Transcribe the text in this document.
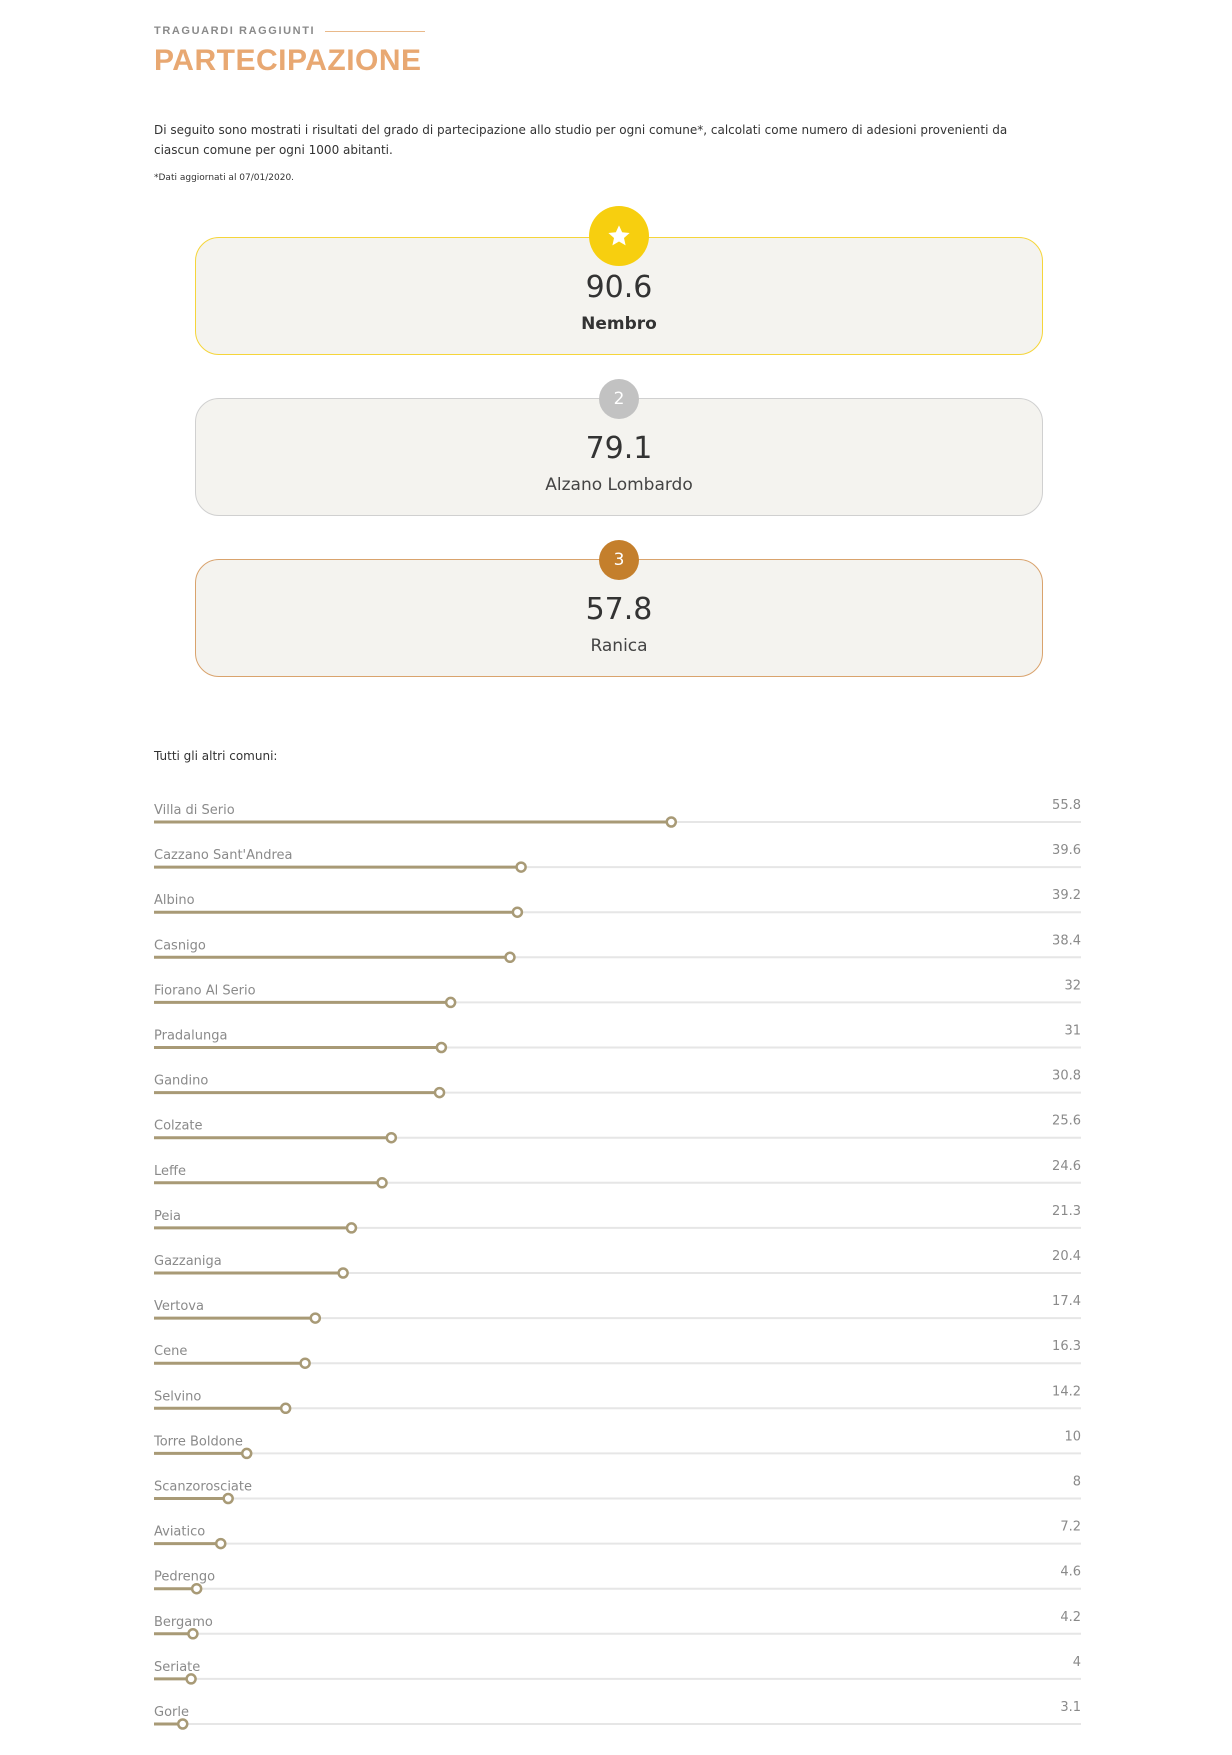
TRAGUARDI RAGGIUNTI
PARTECIPAZIONE

Di seguito sono mostrati i risultati del grado di partecipazione allo studio per ogni comune*, calcolati come numero di adesioni provenienti da ciascun comune per ogni 1000 abitanti.

*Dati aggiornati al 07/01/2020.

90.6
Nembro
2
79.1
Alzano Lombardo
3
57.8
Ranica

Tutti gli altri comuni:

Villa di Serio	55.8
Cazzano Sant'Andrea	39.6
Albino	39.2
Casnigo	38.4
Fiorano Al Serio	32
Pradalunga	31
Gandino	30.8
Colzate	25.6
Leffe	24.6
Peia	21.3
Gazzaniga	20.4
Vertova	17.4
Cene	16.3
Selvino	14.2
Torre Boldone	10
Scanzorosciate	8
Aviatico	7.2
Pedrengo	4.6
Bergamo	4.2
Seriate	4
Gorle	3.1
